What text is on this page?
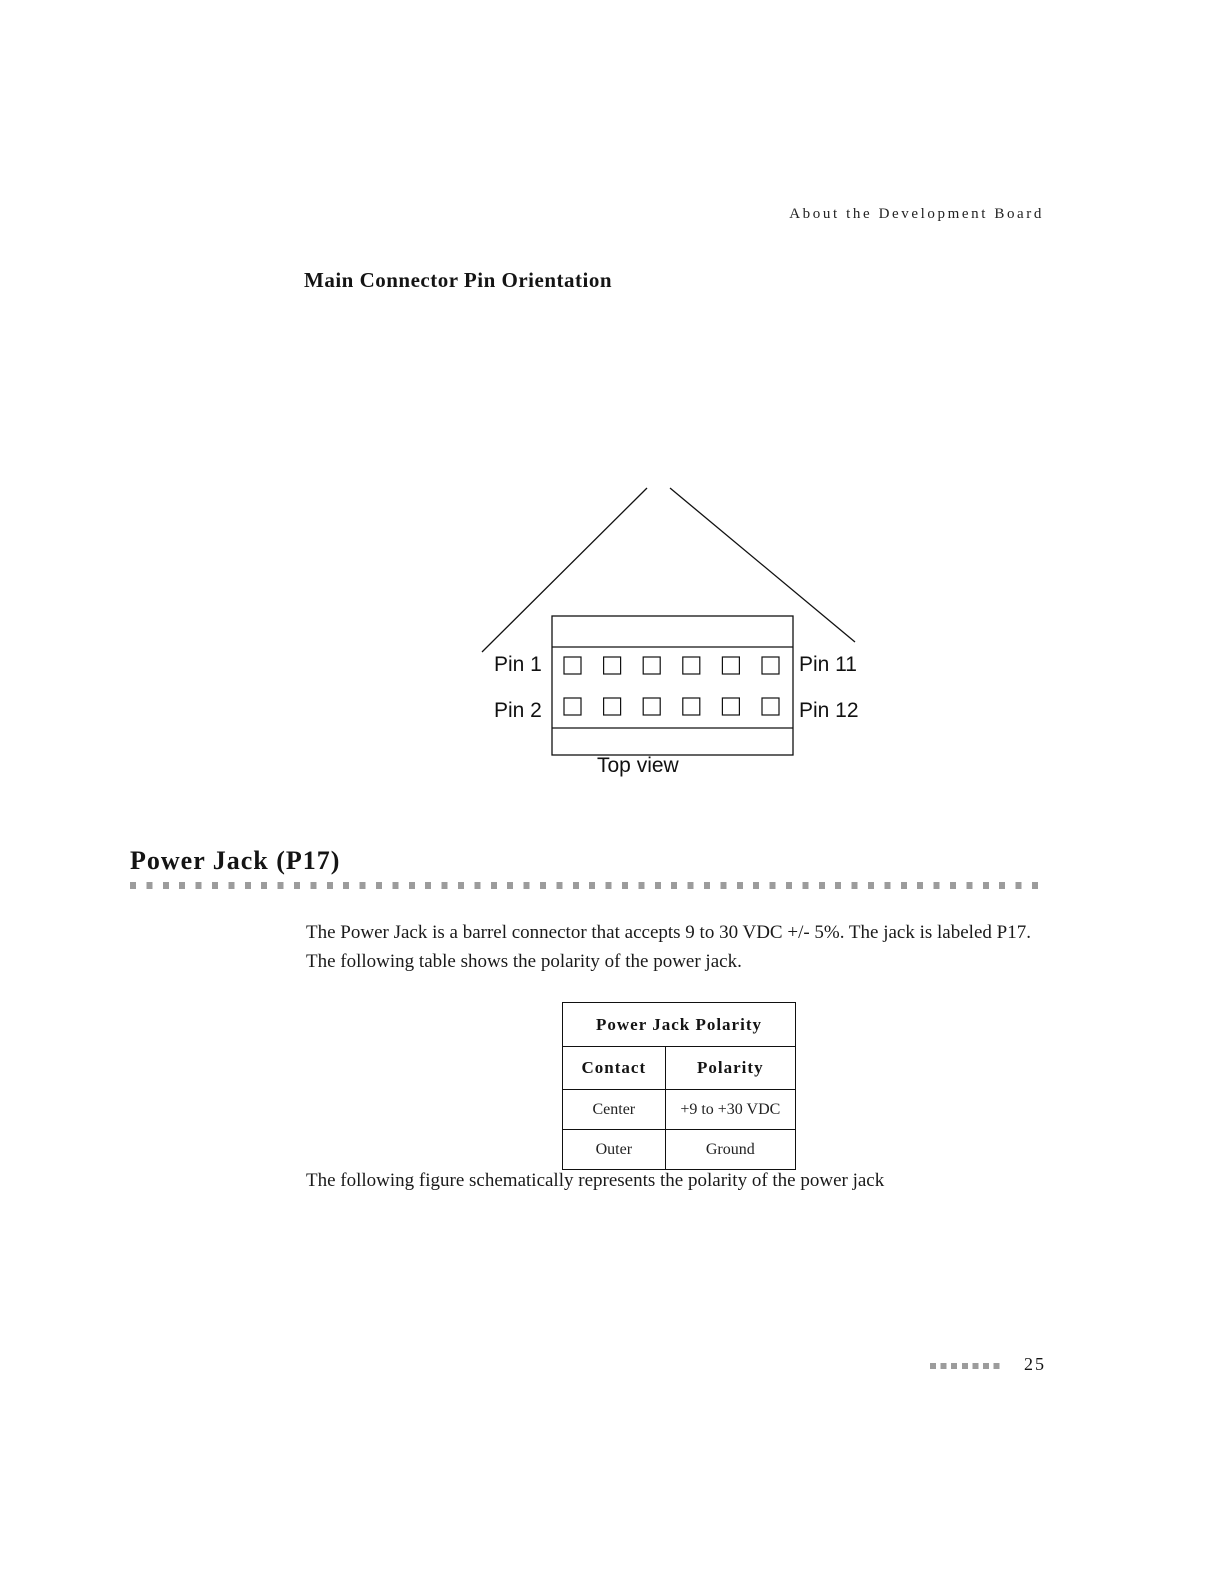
About the Development Board
Main Connector Pin Orientation
Pin 1
Pin 2
Pin 11
Pin 12
Top view
Power Jack (P17)
The Power Jack is a barrel connector that accepts 9 to 30 VDC +/- 5%. The jack is labeled P17. The following table shows the polarity of the power jack.
Power Jack Polarity	
Contact	Polarity
Center	+9 to +30 VDC
Outer	Ground
The following figure schematically represents the polarity of the power jack
25
